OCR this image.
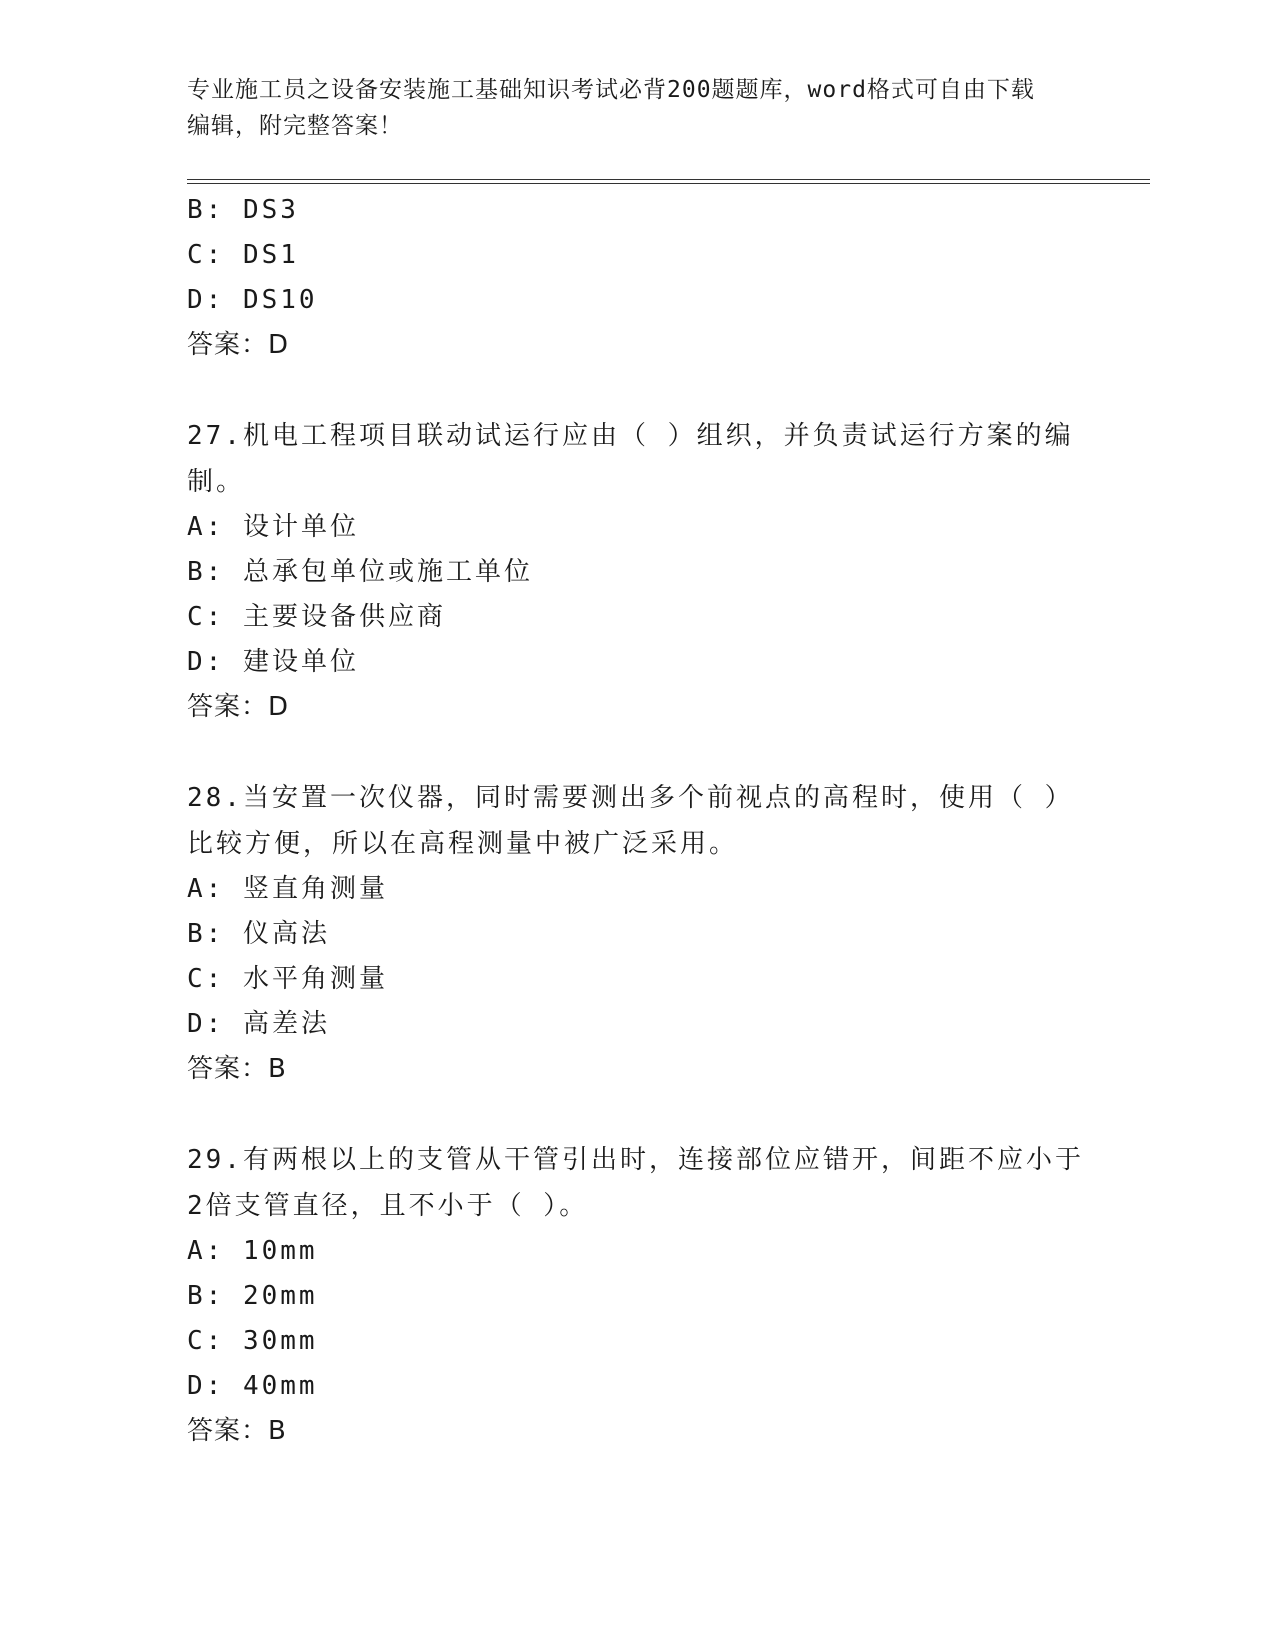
专业施工员之设备安装施工基础知识考试必背200题题库，word格式可自由下载
编辑，附完整答案！
B: DS3
C: DS1
D: DS10
答案：D
27.机电工程项目联动试运行应由（ ）组织，并负责试运行方案的编
制。
A: 设计单位
B: 总承包单位或施工单位
C: 主要设备供应商
D: 建设单位
答案：D
28.当安置一次仪器，同时需要测出多个前视点的高程时，使用（ ）
比较方便，所以在高程测量中被广泛采用。
A: 竖直角测量
B: 仪高法
C: 水平角测量
D: 高差法
答案：B
29.有两根以上的支管从干管引出时，连接部位应错开，间距不应小于
2倍支管直径，且不小于（ ）。
A: 10mm
B: 20mm
C: 30mm
D: 40mm
答案：B
